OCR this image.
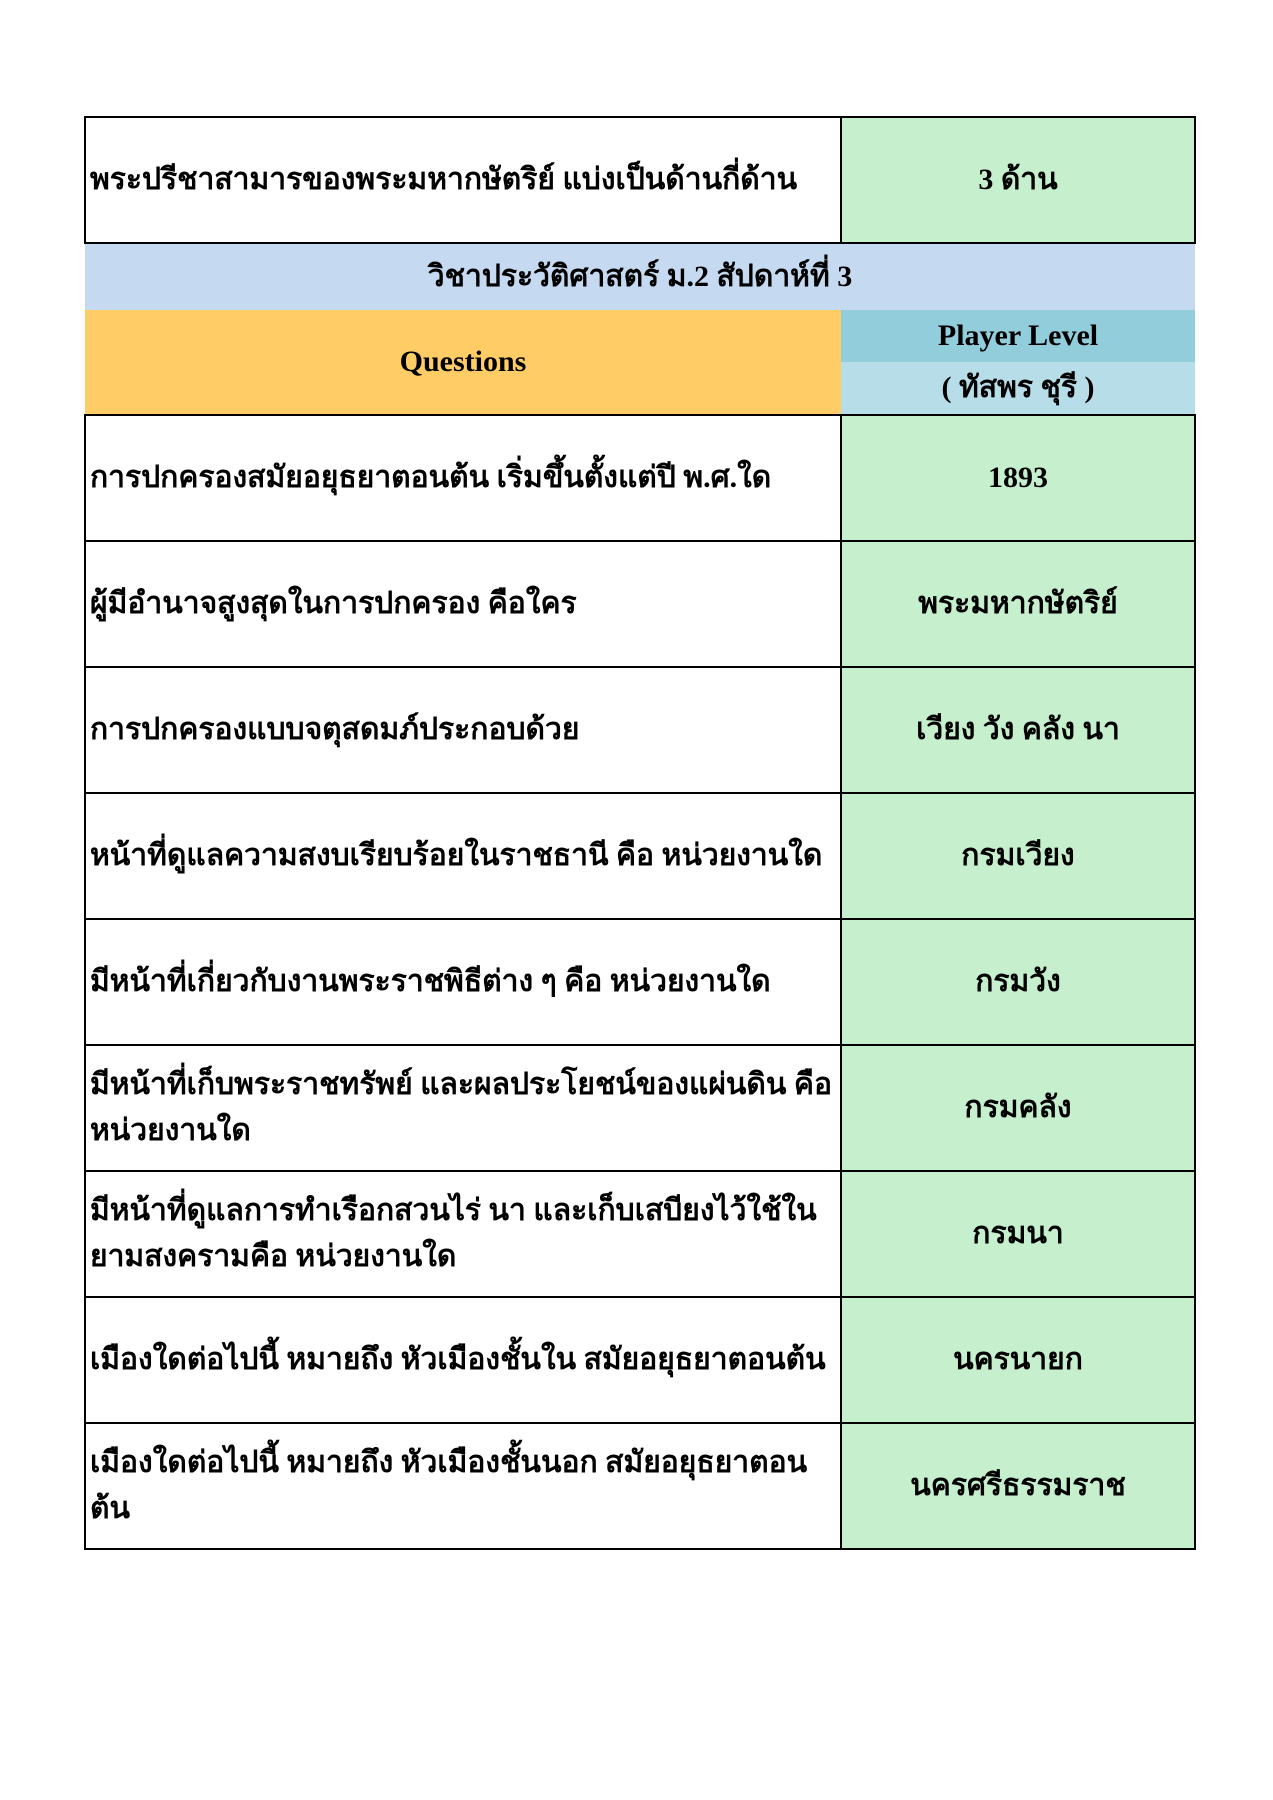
พระปรีชาสามารของพระมหากษัตริย์ แบ่งเป็นด้านกี่ด้าน	3 ด้าน
วิชาประวัติศาสตร์ ม.2 สัปดาห์ที่ 3	
Questions	Player Level
	( ทัสพร ชุรี )
การปกครองสมัยอยุธยาตอนต้น เริ่มขึ้นตั้งแต่ปี พ.ศ.ใด	1893
ผู้มีอำนาจสูงสุดในการปกครอง คือใคร	พระมหากษัตริย์
การปกครองแบบจตุสดมภ์ประกอบด้วย	เวียง วัง คลัง นา
หน้าที่ดูแลความสงบเรียบร้อยในราชธานี คือ หน่วยงานใด	กรมเวียง
มีหน้าที่เกี่ยวกับงานพระราชพิธีต่าง ๆ คือ หน่วยงานใด	กรมวัง
มีหน้าที่เก็บพระราชทรัพย์ และผลประโยชน์ของแผ่นดิน คือ หน่วยงานใด	กรมคลัง
มีหน้าที่ดูแลการทำเรือกสวนไร่ นา และเก็บเสบียงไว้ใช้ในยามสงครามคือ หน่วยงานใด	กรมนา
เมืองใดต่อไปนี้ หมายถึง หัวเมืองชั้นใน สมัยอยุธยาตอนต้น	นครนายก
เมืองใดต่อไปนี้ หมายถึง หัวเมืองชั้นนอก สมัยอยุธยาตอนต้น	นครศรีธรรมราช
